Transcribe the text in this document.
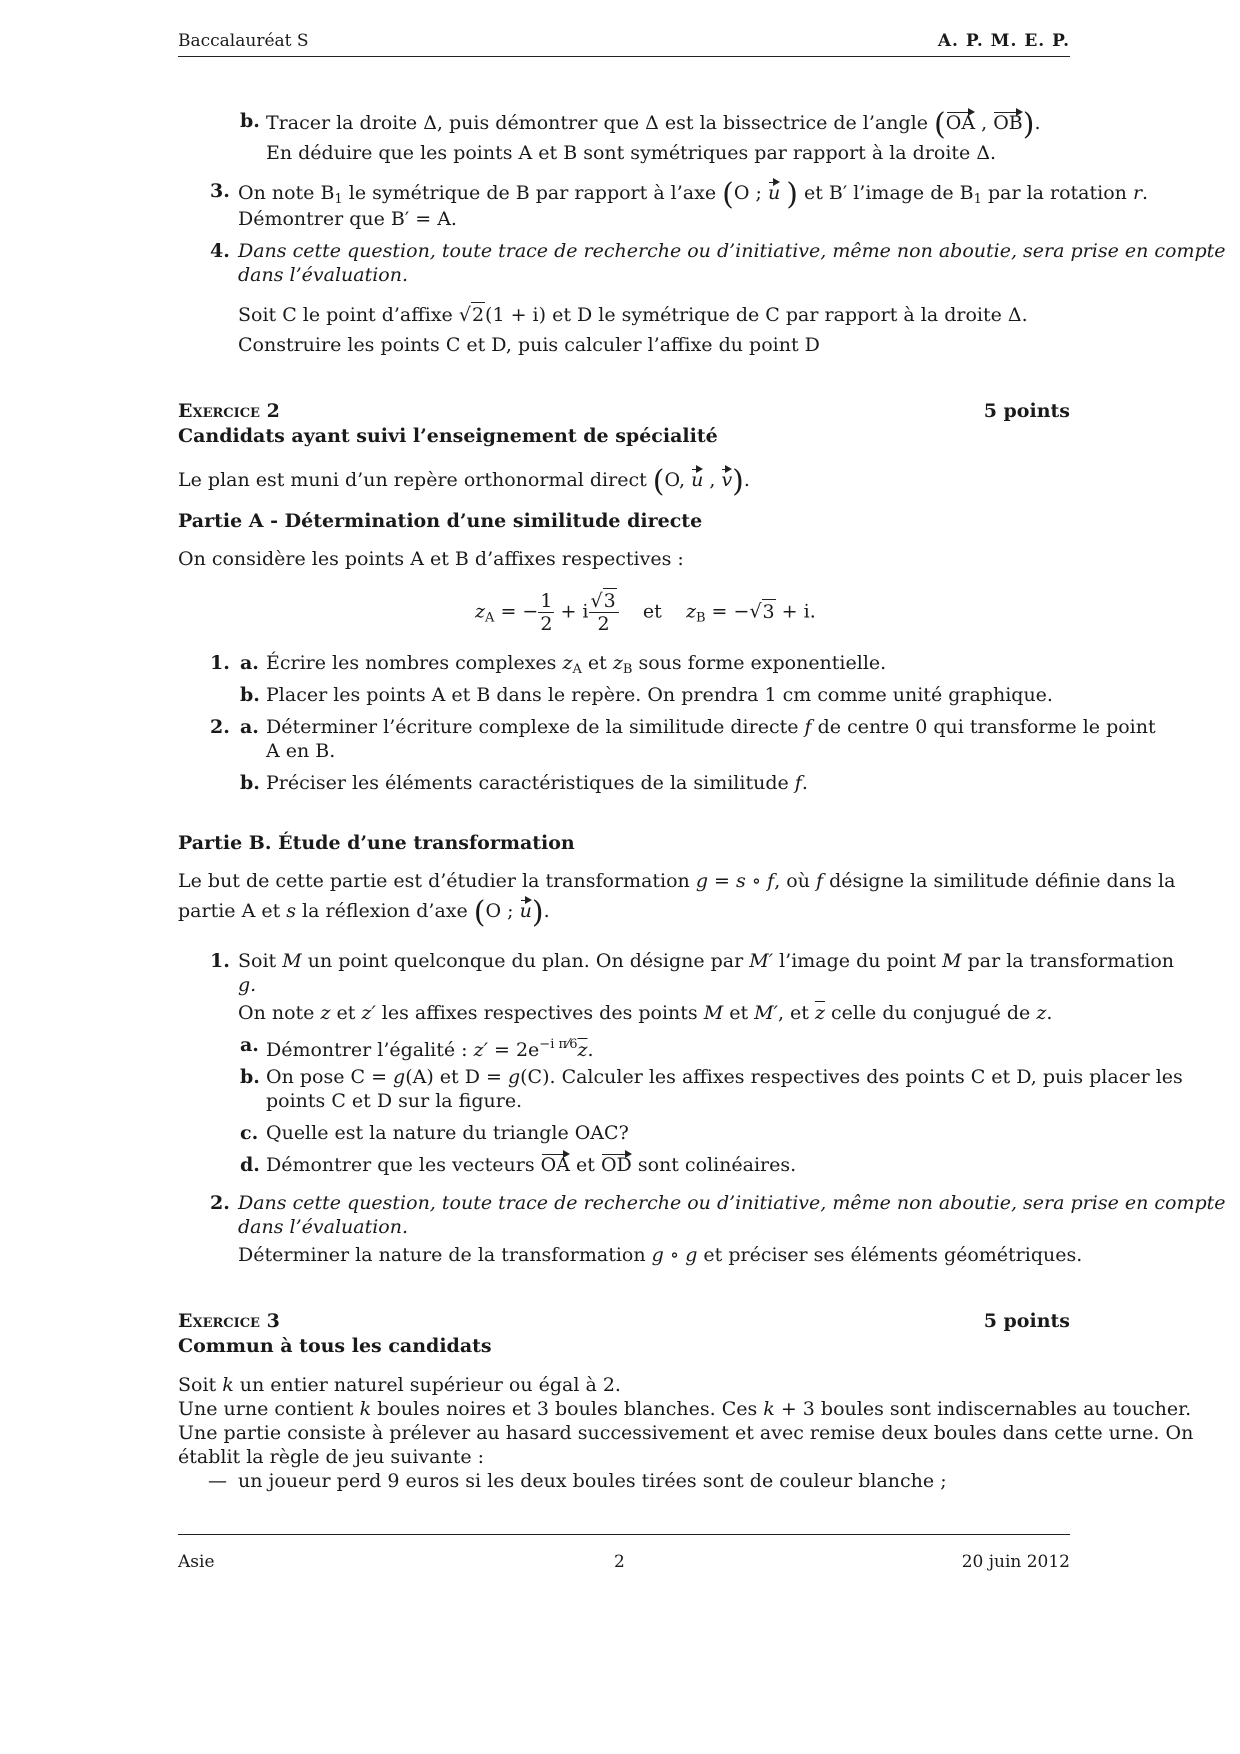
Baccalauréat S	A. P. M. E. P.
b. Tracer la droite Δ, puis démontrer que Δ est la bissectrice de l’angle (OA , OB).
En déduire que les points A et B sont symétriques par rapport à la droite Δ.
3. On note $B_1$ le symétrique de B par rapport à l’axe (O ; u ) et B′ l’image de $B_1$ par la rotation r.
Démontrer que B′ = A.
4. Dans cette question, toute trace de recherche ou d’initiative, même non aboutie, sera prise en compte
dans l’évaluation.
Soit C le point d’affixe √2(1 + i) et D le symétrique de C par rapport à la droite Δ.
Construire les points C et D, puis calculer l’affixe du point D
Exercice 2	5 points
Candidats ayant suivi l’enseignement de spécialité
Le plan est muni d’un repère orthonormal direct (O, u , v).
Partie A - Détermination d’une similitude directe
On considère les points A et B d’affixes respectives :
$z_A$ = − $\frac{1}{2} + i \frac{√3}{2}$ et $z_B = -√3 + i$.
1. a. Écrire les nombres complexes $z_A$ et $z_B$ sous forme exponentielle.
b. Placer les points A et B dans le repère. On prendra 1 cm comme unité graphique.
2. a. Déterminer l’écriture complexe de la similitude directe f de centre 0 qui transforme le point
A en B.
b. Préciser les éléments caractéristiques de la similitude f.
Partie B. Étude d’une transformation
Le but de cette partie est d’étudier la transformation g = s ∘ f, où f désigne la similitude définie dans la
partie A et s la réflexion d’axe (O ; u).
1. Soit M un point quelconque du plan. On désigne par M′ l’image du point M par la transformation
g.
On note z et z′ les affixes respectives des points M et M′, et $\overline{z}$ celle du conjugué de z.
a. Démontrer l’égalité : $z' = 2e^{-i \pi⁄6}\overline{z}$.
b. On pose C = g(A) et D = g(C). Calculer les affixes respectives des points C et D, puis placer les
points C et D sur la figure.
c. Quelle est la nature du triangle OAC?
d. Démontrer que les vecteurs OA et OD sont colinéaires.
2. Dans cette question, toute trace de recherche ou d’initiative, même non aboutie, sera prise en compte
dans l’évaluation.
Déterminer la nature de la transformation g ∘ g et préciser ses éléments géométriques.
Exercice 3	5 points
Commun à tous les candidats
Soit k un entier naturel supérieur ou égal à 2.
Une urne contient k boules noires et 3 boules blanches. Ces k + 3 boules sont indiscernables au toucher.
Une partie consiste à prélever au hasard successivement et avec remise deux boules dans cette urne. On
établit la règle de jeu suivante :
— un joueur perd 9 euros si les deux boules tirées sont de couleur blanche ;
Asie	2	20 juin 2012
